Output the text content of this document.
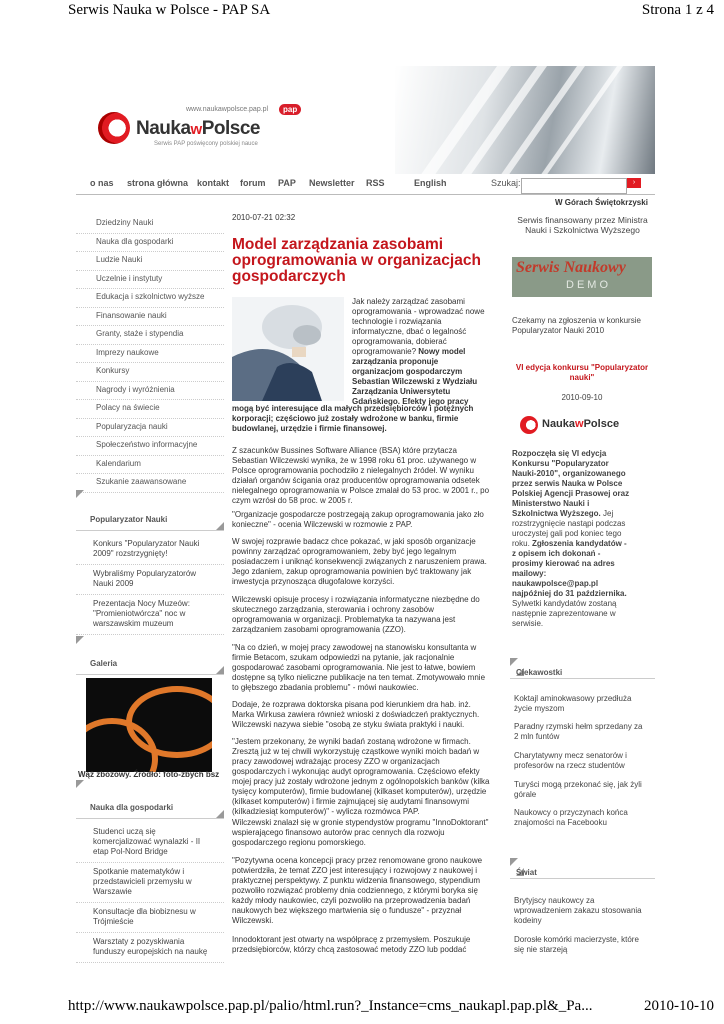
Serwis Nauka w Polsce - PAP SA	Strona 1 z 4
www.naukawpolsce.pap.pl	pap
NaukawPolsce
Serwis PAP poświęcony polskiej nauce
o nas strona główna kontakt forum PAP Newsletter RSS	English	Szukaj:	›
W Górach Świętokrzyski
Dziedziny Nauki
Nauka dla gospodarki
Ludzie Nauki
Uczelnie i instytuty
Edukacja i szkolnictwo wyższe
Finansowanie nauki
Granty, staże i stypendia
Imprezy naukowe
Konkursy
Nagrody i wyróżnienia
Polacy na świecie
Popularyzacja nauki
Społeczeństwo informacyjne
Kalendarium
Szukanie zaawansowane
Popularyzator Nauki
Konkurs "Popularyzator Nauki 2009" rozstrzygnięty!
Wybraliśmy Popularyzatorów Nauki 2009
Prezentacja Nocy Muzeów: "Promieniotwórcza" noc w warszawskim muzeum
Galeria
Wąż zbożowy. Źródło: foto-zbych bsz
Nauka dla gospodarki
Studenci uczą się komercjalizować wynalazki - II etap Pol-Nord Bridge
Spotkanie matematyków i przedstawicieli przemysłu w Warszawie
Konsultacje dla biobiznesu w Trójmieście
Warsztaty z pozyskiwania funduszy europejskich na naukę
2010-07-21 02:32
Model zarządzania zasobami oprogramowania w organizacjach gospodarczych
Jak należy zarządzać zasobami oprogramowania - wprowadzać nowe technologie i rozwiązania informatyczne, dbać o legalność oprogramowania, dobierać oprogramowanie? Nowy model zarządzania proponuje organizacjom gospodarczym Sebastian Wilczewski z Wydziału Zarządzania Uniwersytetu Gdańskiego. Efekty jego pracy
mogą być interesujące dla małych przedsiębiorców i potężnych korporacji; częściowo już zostały wdrożone w banku, firmie budowlanej, urzędzie i firmie finansowej.
Z szacunków Bussines Software Alliance (BSA) które przytacza Sebastian Wilczewski wynika, że w 1998 roku 61 proc. używanego w Polsce oprogramowania pochodziło z nielegalnych źródeł. W wyniku działań organów ścigania oraz producentów oprogramowania odsetek nielegalnego oprogramowania w Polsce zmalał do 53 proc. w 2001 r., po czym wzrósł do 58 proc. w 2005 r.
"Organizacje gospodarcze postrzegają zakup oprogramowania jako zło konieczne" - ocenia Wilczewski w rozmowie z PAP.
W swojej rozprawie badacz chce pokazać, w jaki sposób organizacje powinny zarządzać oprogramowaniem, żeby być jego legalnym posiadaczem i uniknąć konsekwencji związanych z naruszeniem prawa. Jego zdaniem, zakup oprogramowania powinien być traktowany jak inwestycja przynosząca długofalowe korzyści.
Wilczewski opisuje procesy i rozwiązania informatyczne niezbędne do skutecznego zarządzania, sterowania i ochrony zasobów oprogramowania w organizacji. Problematyka ta nazywana jest zarządzaniem zasobami oprogramowania (ZZO).
"Na co dzień, w mojej pracy zawodowej na stanowisku konsultanta w firmie Betacom, szukam odpowiedzi na pytanie, jak racjonalnie gospodarować zasobami oprogramowania. Nie jest to łatwe, bowiem dostępne są tylko nieliczne publikacje na ten temat. Zmotywowało mnie to głębszego zbadania problemu" - mówi naukowiec.
Dodaje, że rozprawa doktorska pisana pod kierunkiem dra hab. inż. Marka Wirkusa zawiera również wnioski z doświadczeń praktycznych. Wilczewski nazywa siebie "osobą ze styku świata praktyki i nauki.
"Jestem przekonany, że wyniki badań zostaną wdrożone w firmach. Zresztą już w tej chwili wykorzystuję cząstkowe wyniki moich badań w pracy zawodowej wdrażając procesy ZZO w organizacjach gospodarczych i wykonując audyt oprogramowania. Częściowo efekty mojej pracy już zostały wdrożone jednym z ogólnopolskich banków (kilka tysięcy komputerów), firmie budowlanej (kilkaset komputerów), urzędzie (kilkaset komputerów) i firmie zajmującej się audytami finansowymi (kilkadziesiąt komputerów)" - wylicza rozmówca PAP.
Wilczewski znalazł się w gronie stypendystów programu "InnoDoktorant" wspierającego finansowo autorów prac cennych dla rozwoju gospodarczego regionu pomorskiego.
"Pozytywna ocena koncepcji pracy przez renomowane grono naukowe potwierdziła, że temat ZZO jest interesujący i rozwojowy z naukowej i praktycznej perspektywy. Z punktu widzenia finansowego, stypendium pozwoliło rozwiązać problemy dnia codziennego, z którymi boryka się każdy młody naukowiec, czyli pozwoliło na przeprowadzenia badań naukowych bez większego martwienia się o fundusze" - przyznał Wilczewski.
Innodoktorant jest otwarty na współpracę z przemysłem. Poszukuje przedsiębiorców, którzy chcą zastosować metody ZZO lub poddać
Serwis finansowany przez Ministra Nauki i Szkolnictwa Wyższego
Serwis Naukowy
DEMO
Czekamy na zgłoszenia w konkursie Popularyzator Nauki 2010
VI edycja konkursu "Popularyzator nauki"
2010-09-10
NaukawPolsce
Rozpoczęła się VI edycja Konkursu "Popularyzator Nauki-2010", organizowanego przez serwis Nauka w Polsce Polskiej Agencji Prasowej oraz Ministerstwo Nauki i Szkolnictwa Wyższego. Jej rozstrzygnięcie nastąpi podczas uroczystej gali pod koniec tego roku. Zgłoszenia kandydatów - z opisem ich dokonań - prosimy kierować na adres mailowy: naukawpolsce@pap.pl najpóźniej do 31 października. Sylwetki kandydatów zostaną następnie zaprezentowane w serwisie.
Ciekawostki
Koktajl aminokwasowy przedłuża życie myszom
Paradny rzymski hełm sprzedany za 2 mln funtów
Charytatywny mecz senatorów i profesorów na rzecz studentów
Turyści mogą przekonać się, jak żyli górale
Naukowcy o przyczynach końca znajomości na Facebooku
Świat
Brytyjscy naukowcy za wprowadzeniem zakazu stosowania kodeiny
Dorosłe komórki macierzyste, które się nie starzeją
http://www.naukawpolsce.pap.pl/palio/html.run?_Instance=cms_naukapl.pap.pl&_Pa...	2010-10-10
